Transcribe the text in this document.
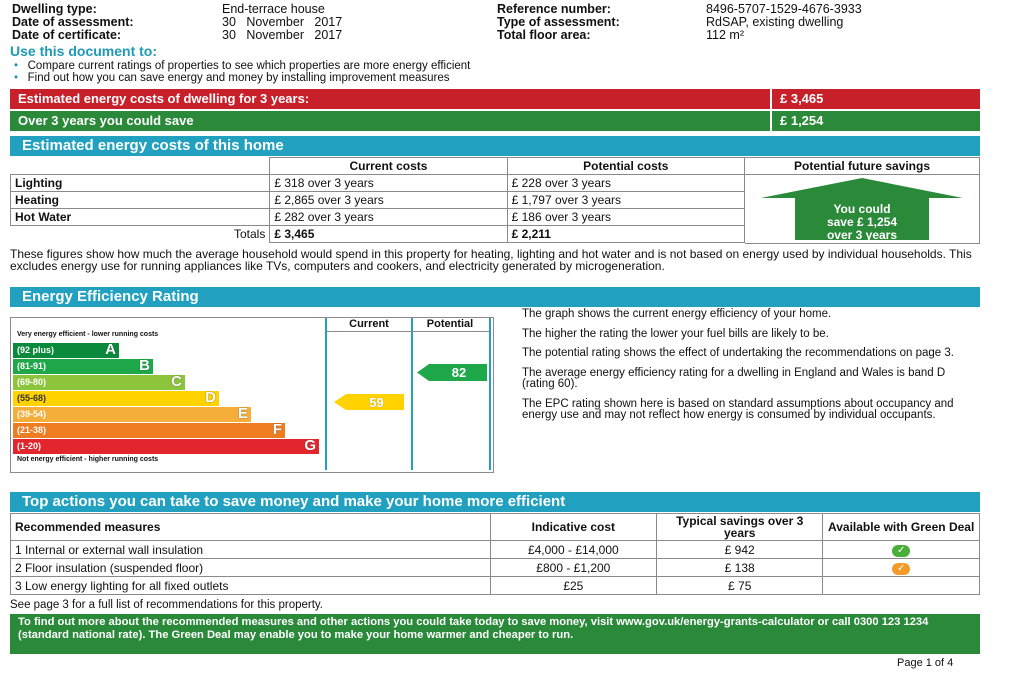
Dwelling type:	End-terrace house
Date of assessment:	30   November   2017
Date of certificate:	30   November   2017
Reference number:	8496-5707-1529-4676-3933
Type of assessment:	RdSAP, existing dwelling
Total floor area:	112 m²
Use this document to:
• Compare current ratings of properties to see which properties are more energy efficient
• Find out how you can save energy and money by installing improvement measures
Estimated energy costs of dwelling for 3 years:	£ 3,465
Over 3 years you could save	£ 1,254
Estimated energy costs of this home
	Current costs	Potential costs
Lighting	£ 318 over 3 years	£ 228 over 3 years
Heating	£ 2,865 over 3 years	£ 1,797 over 3 years
Hot Water	£ 282 over 3 years	£ 186 over 3 years
Totals	£ 3,465	£ 2,211
Potential future savings
You could
save £ 1,254
over 3 years
These figures show how much the average household would spend in this property for heating, lighting and hot water and is not based on energy used by individual households. This excludes energy use for running appliances like TVs, computers and cookers, and electricity generated by microgeneration.
Energy Efficiency Rating
Very energy efficient - lower running costs
(92 plus)	A
(81-91)	B
(69-80)	C
(55-68)	D
(39-54)	E
(21-38)	F
(1-20)	G
Not energy efficient - higher running costs
Current	Potential
59
82
The graph shows the current energy efficiency of your home.
The higher the rating the lower your fuel bills are likely to be.
The potential rating shows the effect of undertaking the recommendations on page 3.
The average energy efficiency rating for a dwelling in England and Wales is band D (rating 60).
The EPC rating shown here is based on standard assumptions about occupancy and energy use and may not reflect how energy is consumed by individual occupants.
Top actions you can take to save money and make your home more efficient
Recommended measures	Indicative cost	Typical savings over 3 years	Available with Green Deal
1 Internal or external wall insulation	£4,000 - £14,000	£ 942	✓
2 Floor insulation (suspended floor)	£800 - £1,200	£ 138	✓
3 Low energy lighting for all fixed outlets	£25	£ 75	
See page 3 for a full list of recommendations for this property.
To find out more about the recommended measures and other actions you could take today to save money, visit www.gov.uk/energy-grants-calculator or call 0300 123 1234 (standard national rate). The Green Deal may enable you to make your home warmer and cheaper to run.
Page 1 of 4
